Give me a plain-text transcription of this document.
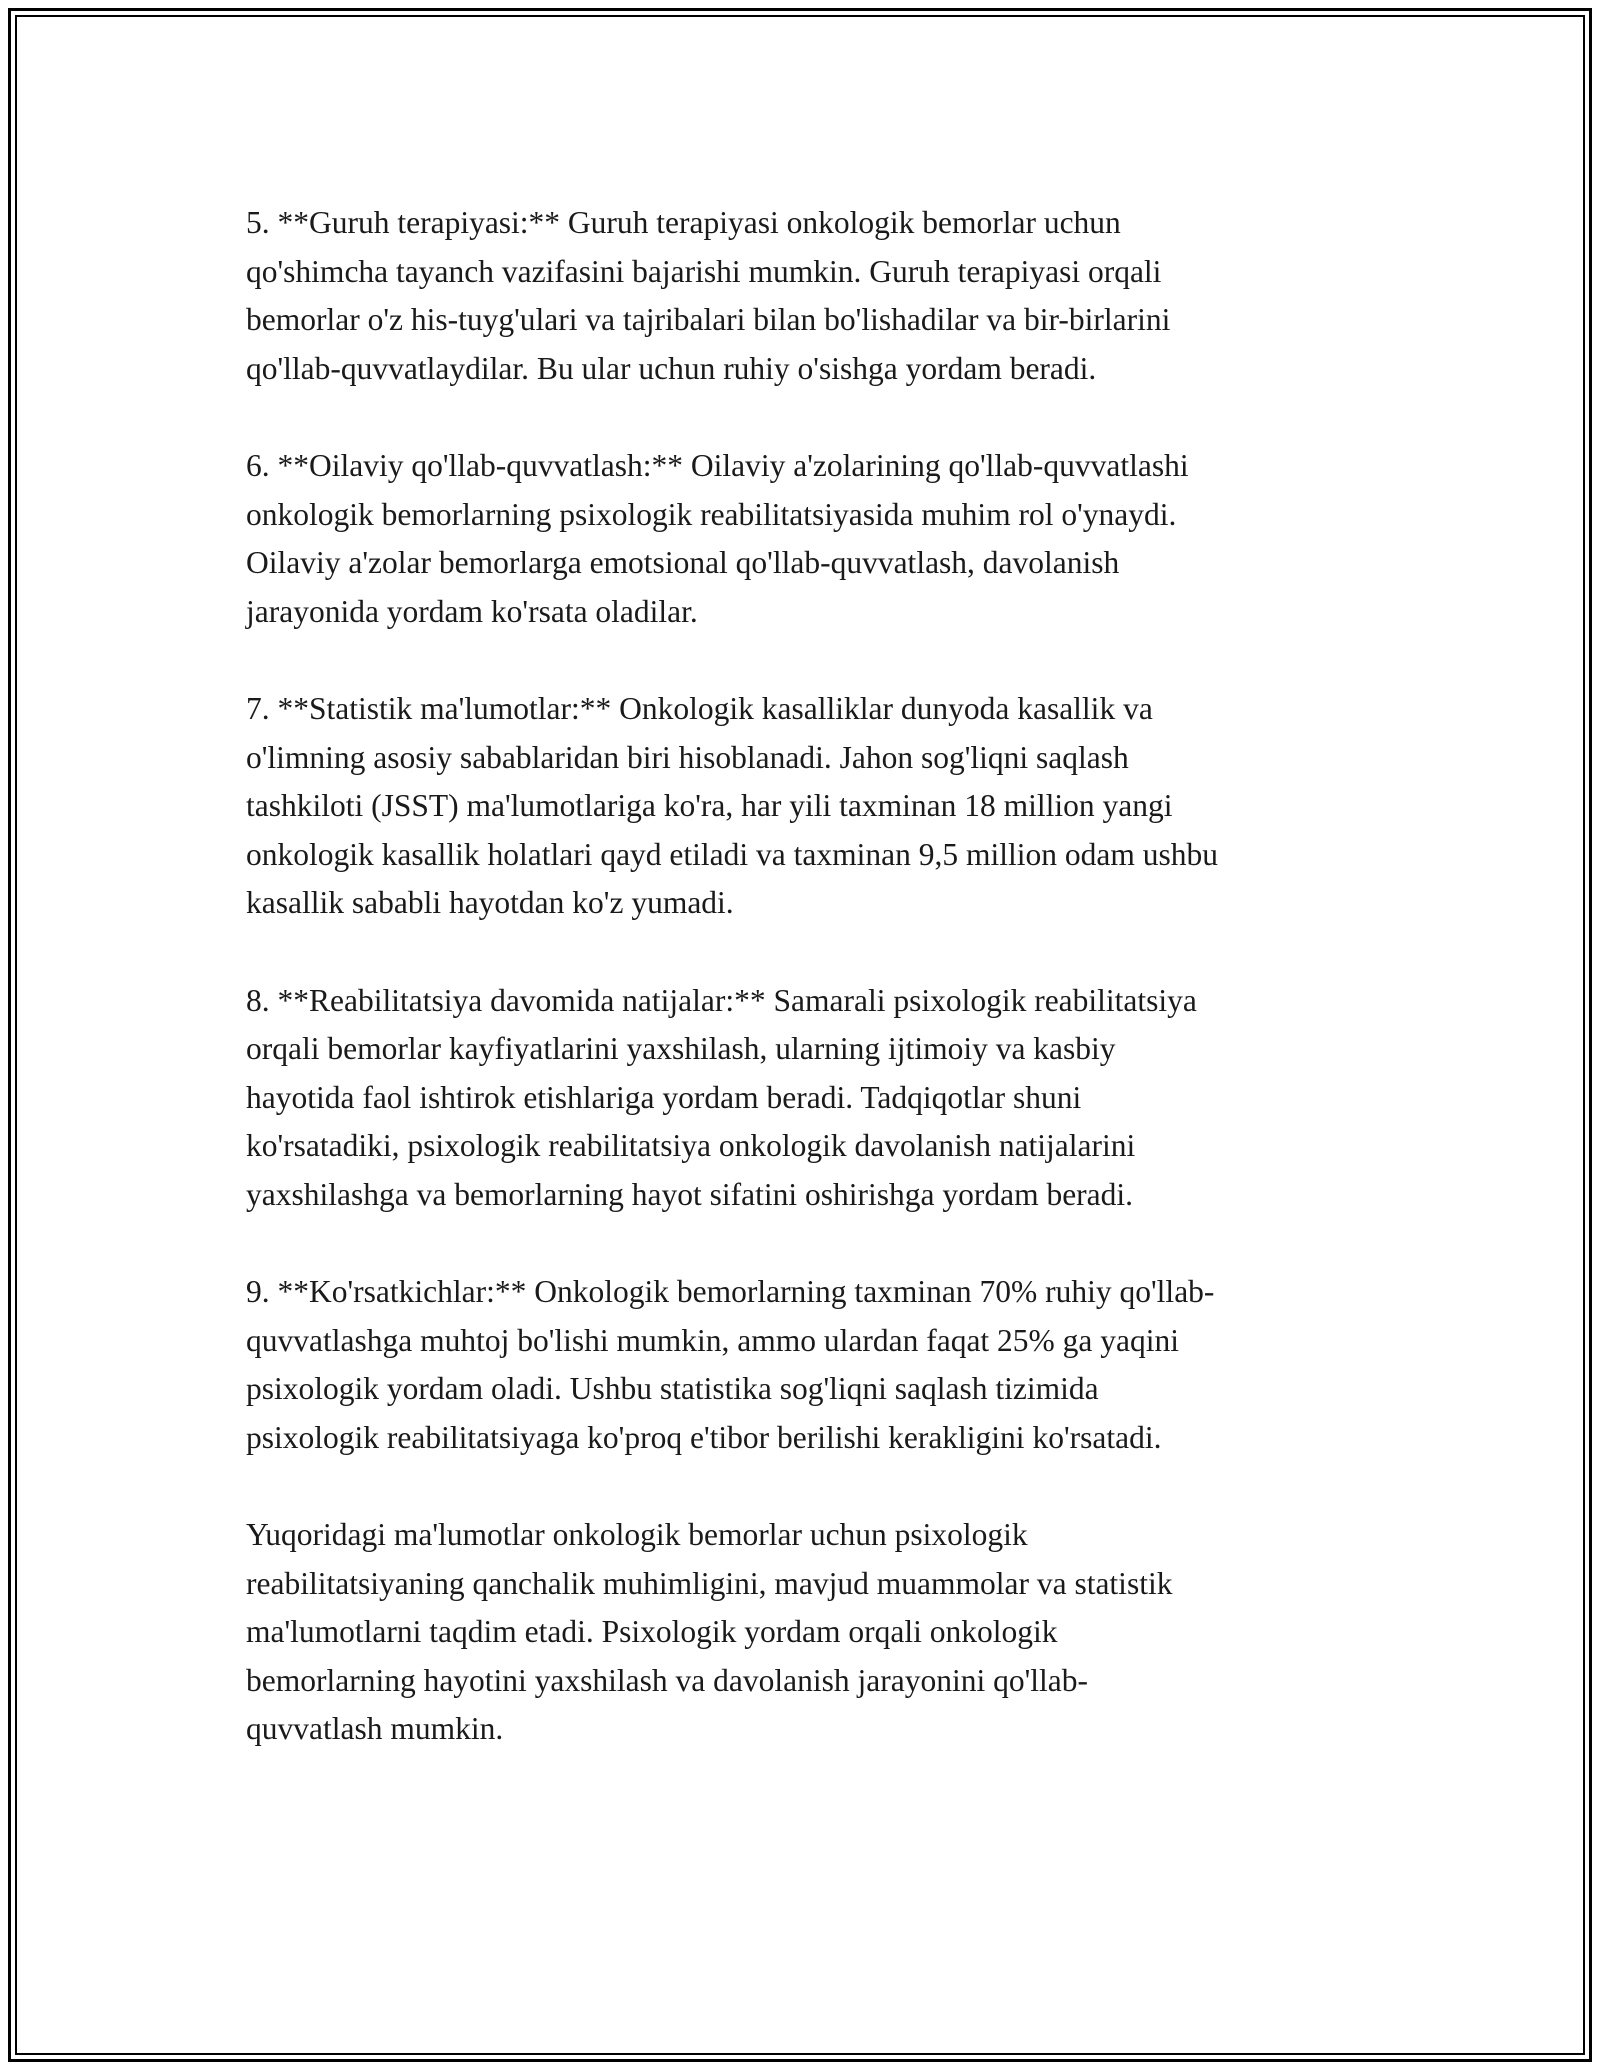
5. **Guruh terapiyasi:** Guruh terapiyasi onkologik bemorlar uchun
qo'shimcha tayanch vazifasini bajarishi mumkin. Guruh terapiyasi orqali
bemorlar o'z his-tuyg'ulari va tajribalari bilan bo'lishadilar va bir-birlarini
qo'llab-quvvatlaydilar. Bu ular uchun ruhiy o'sishga yordam beradi.

6. **Oilaviy qo'llab-quvvatlash:** Oilaviy a'zolarining qo'llab-quvvatlashi
onkologik bemorlarning psixologik reabilitatsiyasida muhim rol o'ynaydi.
Oilaviy a'zolar bemorlarga emotsional qo'llab-quvvatlash, davolanish
jarayonida yordam ko'rsata oladilar.

7. **Statistik ma'lumotlar:** Onkologik kasalliklar dunyoda kasallik va
o'limning asosiy sabablaridan biri hisoblanadi. Jahon sog'liqni saqlash
tashkiloti (JSST) ma'lumotlariga ko'ra, har yili taxminan 18 million yangi
onkologik kasallik holatlari qayd etiladi va taxminan 9,5 million odam ushbu
kasallik sababli hayotdan ko'z yumadi.

8. **Reabilitatsiya davomida natijalar:** Samarali psixologik reabilitatsiya
orqali bemorlar kayfiyatlarini yaxshilash, ularning ijtimoiy va kasbiy
hayotida faol ishtirok etishlariga yordam beradi. Tadqiqotlar shuni
ko'rsatadiki, psixologik reabilitatsiya onkologik davolanish natijalarini
yaxshilashga va bemorlarning hayot sifatini oshirishga yordam beradi.

9. **Ko'rsatkichlar:** Onkologik bemorlarning taxminan 70% ruhiy qo'llab-
quvvatlashga muhtoj bo'lishi mumkin, ammo ulardan faqat 25% ga yaqini
psixologik yordam oladi. Ushbu statistika sog'liqni saqlash tizimida
psixologik reabilitatsiyaga ko'proq e'tibor berilishi kerakligini ko'rsatadi.

Yuqoridagi ma'lumotlar onkologik bemorlar uchun psixologik
reabilitatsiyaning qanchalik muhimligini, mavjud muammolar va statistik
ma'lumotlarni taqdim etadi. Psixologik yordam orqali onkologik
bemorlarning hayotini yaxshilash va davolanish jarayonini qo'llab-
quvvatlash mumkin.
